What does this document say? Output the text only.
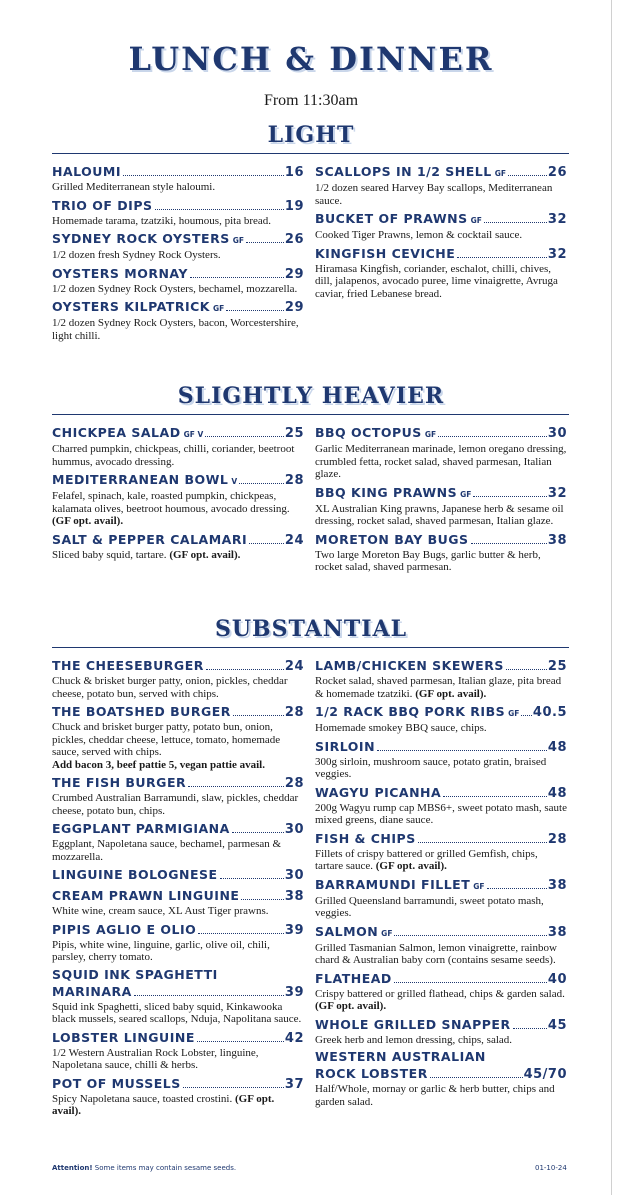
LUNCH & DINNER
From 11:30am
LIGHT
HALOUMI	16
Grilled Mediterranean style haloumi.
TRIO OF DIPS	19
Homemade tarama, tzatziki, houmous, pita bread.
SYDNEY ROCK OYSTERS GF	26
1/2 dozen fresh Sydney Rock Oysters.
OYSTERS MORNAY	29
1/2 dozen Sydney Rock Oysters, bechamel, mozzarella.
OYSTERS KILPATRICK GF	29
1/2 dozen Sydney Rock Oysters, bacon, Worcestershire, light chilli.
SCALLOPS IN 1/2 SHELL GF	26
1/2 dozen seared Harvey Bay scallops, Mediterranean sauce.
BUCKET OF PRAWNS GF	32
Cooked Tiger Prawns, lemon & cocktail sauce.
KINGFISH CEVICHE	32
Hiramasa Kingfish, coriander, eschalot, chilli, chives, dill, jalapenos, avocado puree, lime vinaigrette, Avruga caviar, fried Lebanese bread.
SLIGHTLY HEAVIER
CHICKPEA SALAD GF V	25
Charred pumpkin, chickpeas, chilli, coriander, beetroot hummus, avocado dressing.
MEDITERRANEAN BOWL V	28
Felafel, spinach, kale, roasted pumpkin, chickpeas, kalamata olives, beetroot houmous, avocado dressing. (GF opt. avail).
SALT & PEPPER CALAMARI	24
Sliced baby squid, tartare. (GF opt. avail).
BBQ OCTOPUS GF	30
Garlic Mediterranean marinade, lemon oregano dressing, crumbled fetta, rocket salad, shaved parmesan, Italian glaze.
BBQ KING PRAWNS GF	32
XL Australian King prawns, Japanese herb & sesame oil dressing, rocket salad, shaved parmesan, Italian glaze.
MORETON BAY BUGS	38
Two large Moreton Bay Bugs, garlic butter & herb, rocket salad, shaved parmesan.
SUBSTANTIAL
THE CHEESEBURGER	24
Chuck & brisket burger patty, onion, pickles, cheddar cheese, potato bun, served with chips.
THE BOATSHED BURGER	28
Chuck and brisket burger patty, potato bun, onion, pickles, cheddar cheese, lettuce, tomato, homemade sauce, served with chips.
Add bacon 3, beef pattie 5, vegan pattie avail.
THE FISH BURGER	28
Crumbed Australian Barramundi, slaw, pickles, cheddar cheese, potato bun, chips.
EGGPLANT PARMIGIANA	30
Eggplant, Napoletana sauce, bechamel, parmesan & mozzarella.
LINGUINE BOLOGNESE	30
CREAM PRAWN LINGUINE	38
White wine, cream sauce, XL Aust Tiger prawns.
PIPIS AGLIO E OLIO	39
Pipis, white wine, linguine, garlic, olive oil, chili, parsley, cherry tomato.
SQUID INK SPAGHETTI
MARINARA	39
Squid ink Spaghetti, sliced baby squid, Kinkawooka black mussels, seared scallops, Nduja, Napolitana sauce.
LOBSTER LINGUINE	42
1/2 Western Australian Rock Lobster, linguine, Napoletana sauce, chilli & herbs.
POT OF MUSSELS	37
Spicy Napoletana sauce, toasted crostini. (GF opt. avail).
LAMB/CHICKEN SKEWERS	25
Rocket salad, shaved parmesan, Italian glaze, pita bread & homemade tzatziki. (GF opt. avail).
1/2 RACK BBQ PORK RIBS GF 40.5
Homemade smokey BBQ sauce, chips.
SIRLOIN	48
300g sirloin, mushroom sauce, potato gratin, braised veggies.
WAGYU PICANHA	48
200g Wagyu rump cap MBS6+, sweet potato mash, saute mixed greens, diane sauce.
FISH & CHIPS	28
Fillets of crispy battered or grilled Gemfish, chips, tartare sauce. (GF opt. avail).
BARRAMUNDI FILLET GF	38
Grilled Queensland barramundi, sweet potato mash, veggies.
SALMON GF	38
Grilled Tasmanian Salmon, lemon vinaigrette, rainbow chard & Australian baby corn (contains sesame seeds).
FLATHEAD	40
Crispy battered or grilled flathead, chips & garden salad. (GF opt. avail).
WHOLE GRILLED SNAPPER	45
Greek herb and lemon dressing, chips, salad.
WESTERN AUSTRALIAN
ROCK LOBSTER	45/70
Half/Whole, mornay or garlic & herb butter, chips and garden salad.
Attention! Some items may contain sesame seeds.	01-10-24
